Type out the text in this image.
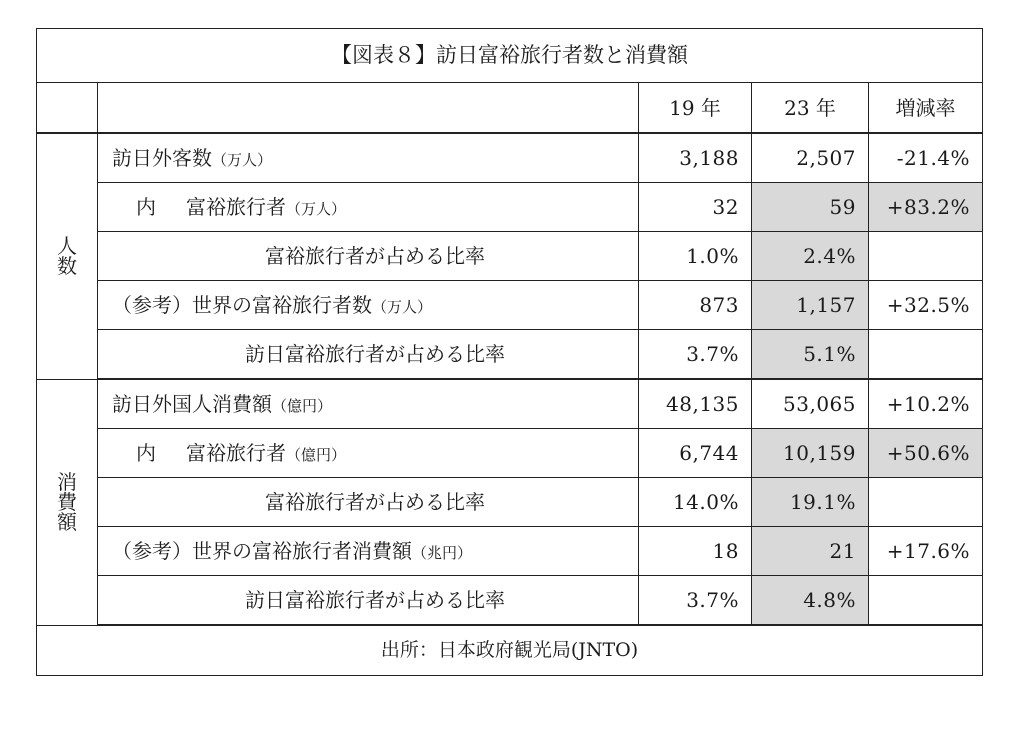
【図表８】訪日富裕旅行者数と消費額				
		19 年	23 年	増減率

人
数	訪日外客数（万人）	3,188	2,507	-21.4%
	内 富裕旅行者（万人）	32	59	+83.2%
	富裕旅行者が占める比率	1.0%	2.4%	
	（参考）世界の富裕旅行者数（万人）	873	1,157	+32.5%
	訪日富裕旅行者が占める比率	3.7%	5.1%	

消
費
額	訪日外国人消費額（億円）	48,135	53,065	+10.2%
	内 富裕旅行者（億円）	6,744	10,159	+50.6%
	富裕旅行者が占める比率	14.0%	19.1%	
	（参考）世界の富裕旅行者消費額（兆円）	18	21	+17.6%
	訪日富裕旅行者が占める比率	3.7%	4.8%	
出所：日本政府観光局(JNTO)				
